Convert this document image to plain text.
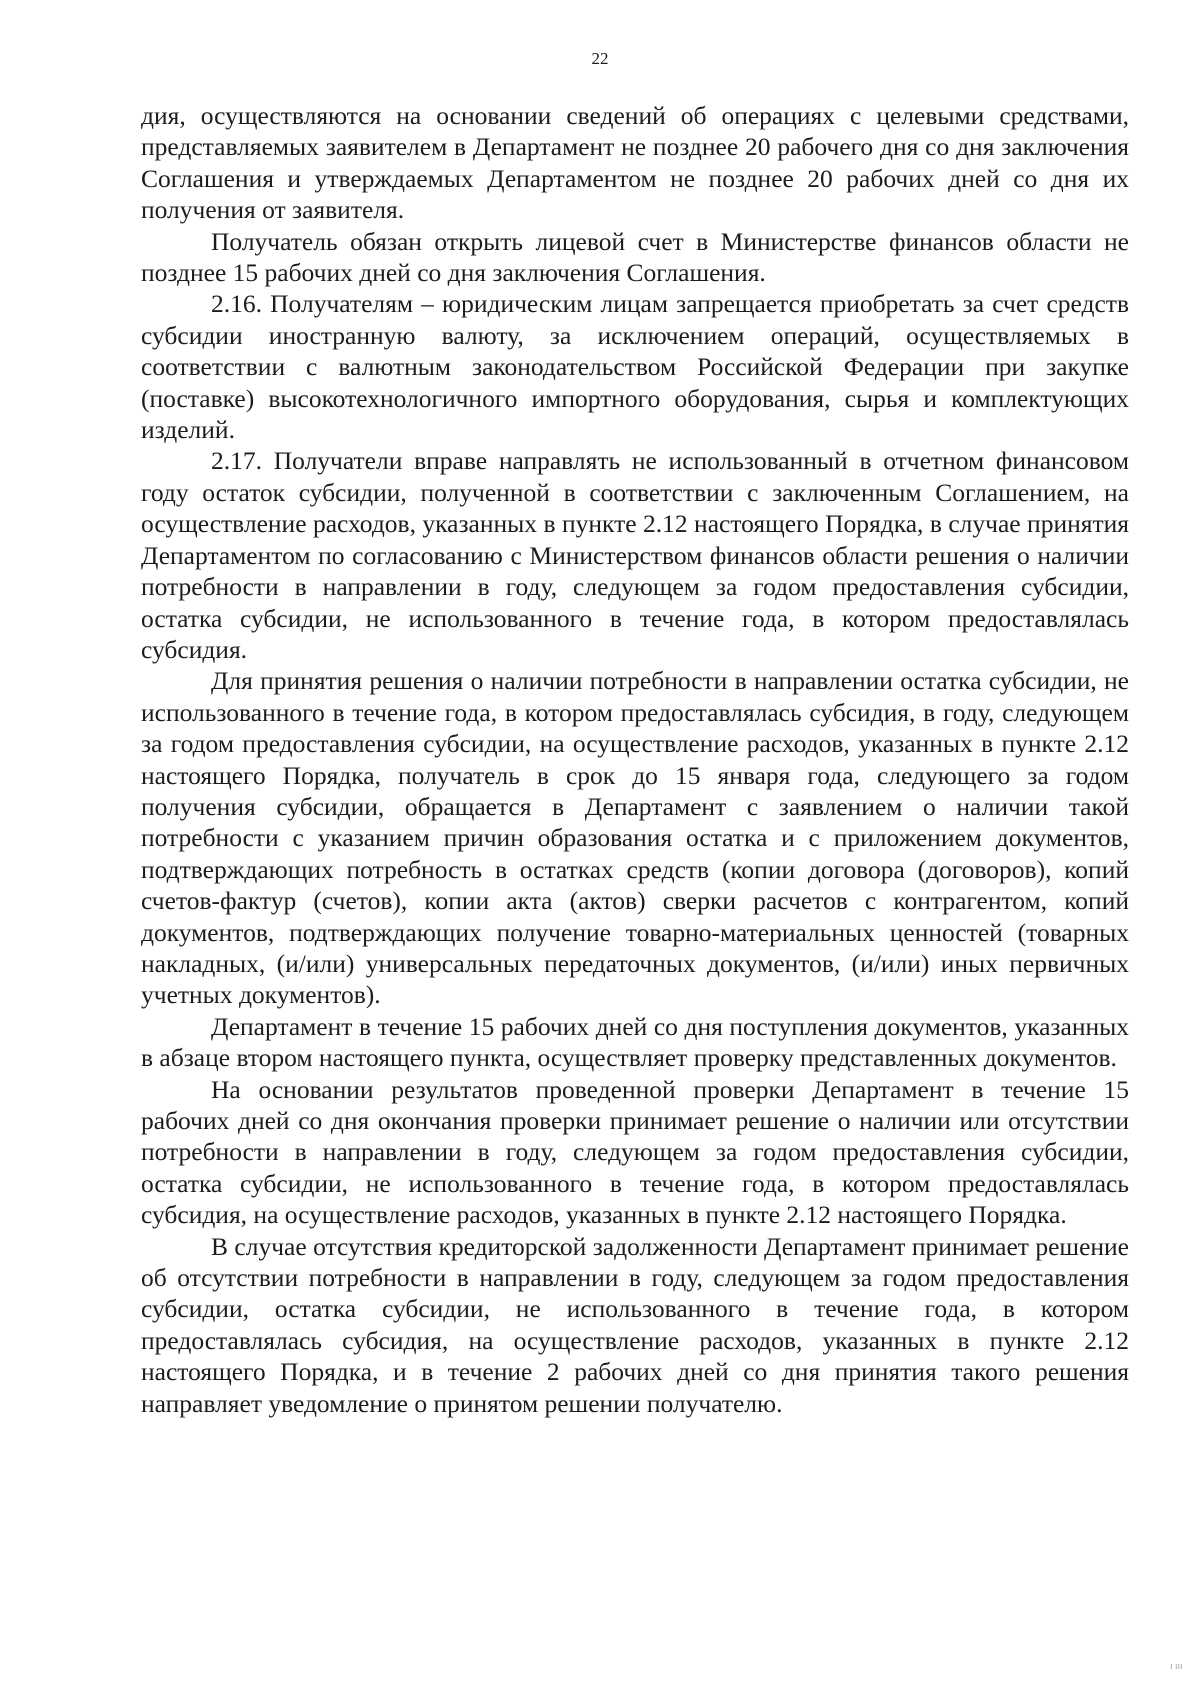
22

дия, осуществляются на основании сведений об операциях с целевыми средствами, представляемых заявителем в Департамент не позднее 20 рабочего дня со дня заключения Соглашения и утверждаемых Департаментом не позднее 20 рабочих дней со дня их получения от заявителя.

Получатель обязан открыть лицевой счет в Министерстве финансов области не позднее 15 рабочих дней со дня заключения Соглашения.

2.16. Получателям – юридическим лицам запрещается приобретать за счет средств субсидии иностранную валюту, за исключением операций, осуществляемых в соответствии с валютным законодательством Российской Федерации при закупке (поставке) высокотехнологичного импортного оборудования, сырья и комплектующих изделий.

2.17. Получатели вправе направлять не использованный в отчетном финансовом году остаток субсидии, полученной в соответствии с заключенным Соглашением, на осуществление расходов, указанных в пункте 2.12 настоящего Порядка, в случае принятия Департаментом по согласованию с Министерством финансов области решения о наличии потребности в направлении в году, следующем за годом предоставления субсидии, остатка субсидии, не использованного в течение года, в котором предоставлялась субсидия.

Для принятия решения о наличии потребности в направлении остатка субсидии, не использованного в течение года, в котором предоставлялась субсидия, в году, следующем за годом предоставления субсидии, на осуществление расходов, указанных в пункте 2.12 настоящего Порядка, получатель в срок до 15 января года, следующего за годом получения субсидии, обращается в Департамент с заявлением о наличии такой потребности с указанием причин образования остатка и с приложением документов, подтверждающих потребность в остатках средств (копии договора (договоров), копий счетов-фактур (счетов), копии акта (актов) сверки расчетов с контрагентом, копий документов, подтверждающих получение товарно-материальных ценностей (товарных накладных, (и/или) универсальных передаточных документов, (и/или) иных первичных учетных документов).

Департамент в течение 15 рабочих дней со дня поступления документов, указанных в абзаце втором настоящего пункта, осуществляет проверку представленных документов.

На основании результатов проведенной проверки Департамент в течение 15 рабочих дней со дня окончания проверки принимает решение о наличии или отсутствии потребности в направлении в году, следующем за годом предоставления субсидии, остатка субсидии, не использованного в течение года, в котором предоставлялась субсидия, на осуществление расходов, указанных в пункте 2.12 настоящего Порядка.

В случае отсутствия кредиторской задолженности Департамент принимает решение об отсутствии потребности в направлении в году, следующем за годом предоставления субсидии, остатка субсидии, не использованного в течение года, в котором предоставлялась субсидия, на осуществление расходов, указанных в пункте 2.12 настоящего Порядка, и в течение 2 рабочих дней со дня принятия такого решения направляет уведомление о принятом решении получателю.

ı ııı
